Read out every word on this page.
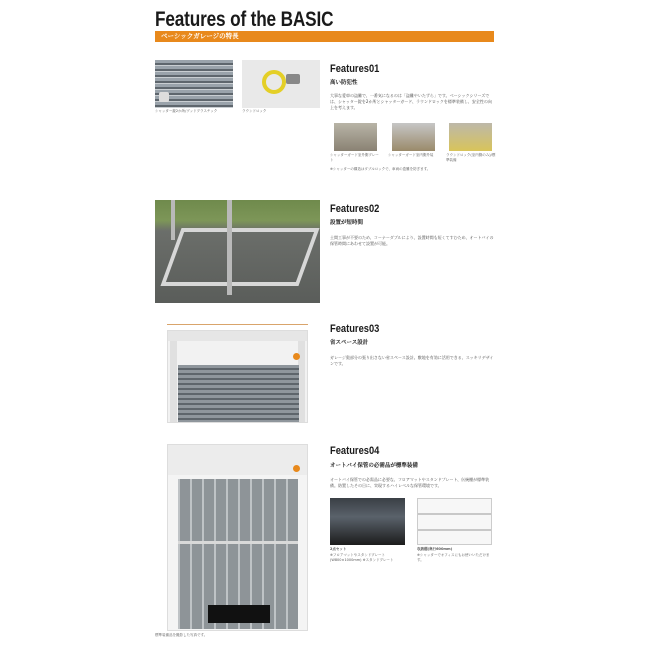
Features of the BASIC
ベーシックガレージの特長
シャッター錠2か所/グッドプラスチック	ラウンドロック
Features01
高い防犯性
大事な愛車の盗難で、一番気になるのは「盗難やいたずら」です。ベーシックシリーズでは、シャッター錠を2か所とシャッターガード、ラウンドロックを標準装備し、安全性の向上を考えます。
シャッターガード室外側プレート
シャッターガード室内側外装	ラウンドロック(室内側のみ)/標準装備
※シャッターの構造はダブルロックで、車両の盗難を防ぎます。
Features02
設置が短時間
土間工事が不要のため、コーナーダブルにより、設置時間も短くてすむため、オートバイの保管時間にあわせて設置が可能。
Features03
省スペース設計
ガレージ奥部分の張り出さない省スペース設計。敷地を有効に活用できる、スッキリデザインです。
標準装備品を撮影した写真です。
Features04
オートバイ保管の必需品が標準装備
オートバイ保管での必需品に必要な、フロアマットやスタンドプレート、伝統棚が標準装備。防置したその日に、実現するハイレベルな保管環境です。
2点セット
※フロアマットやスタンドプレート(W800×1000mm) ※スタンドプレート
収納棚(奥行600mm)
※シャッターでオフィスにもお使いいただけます。
